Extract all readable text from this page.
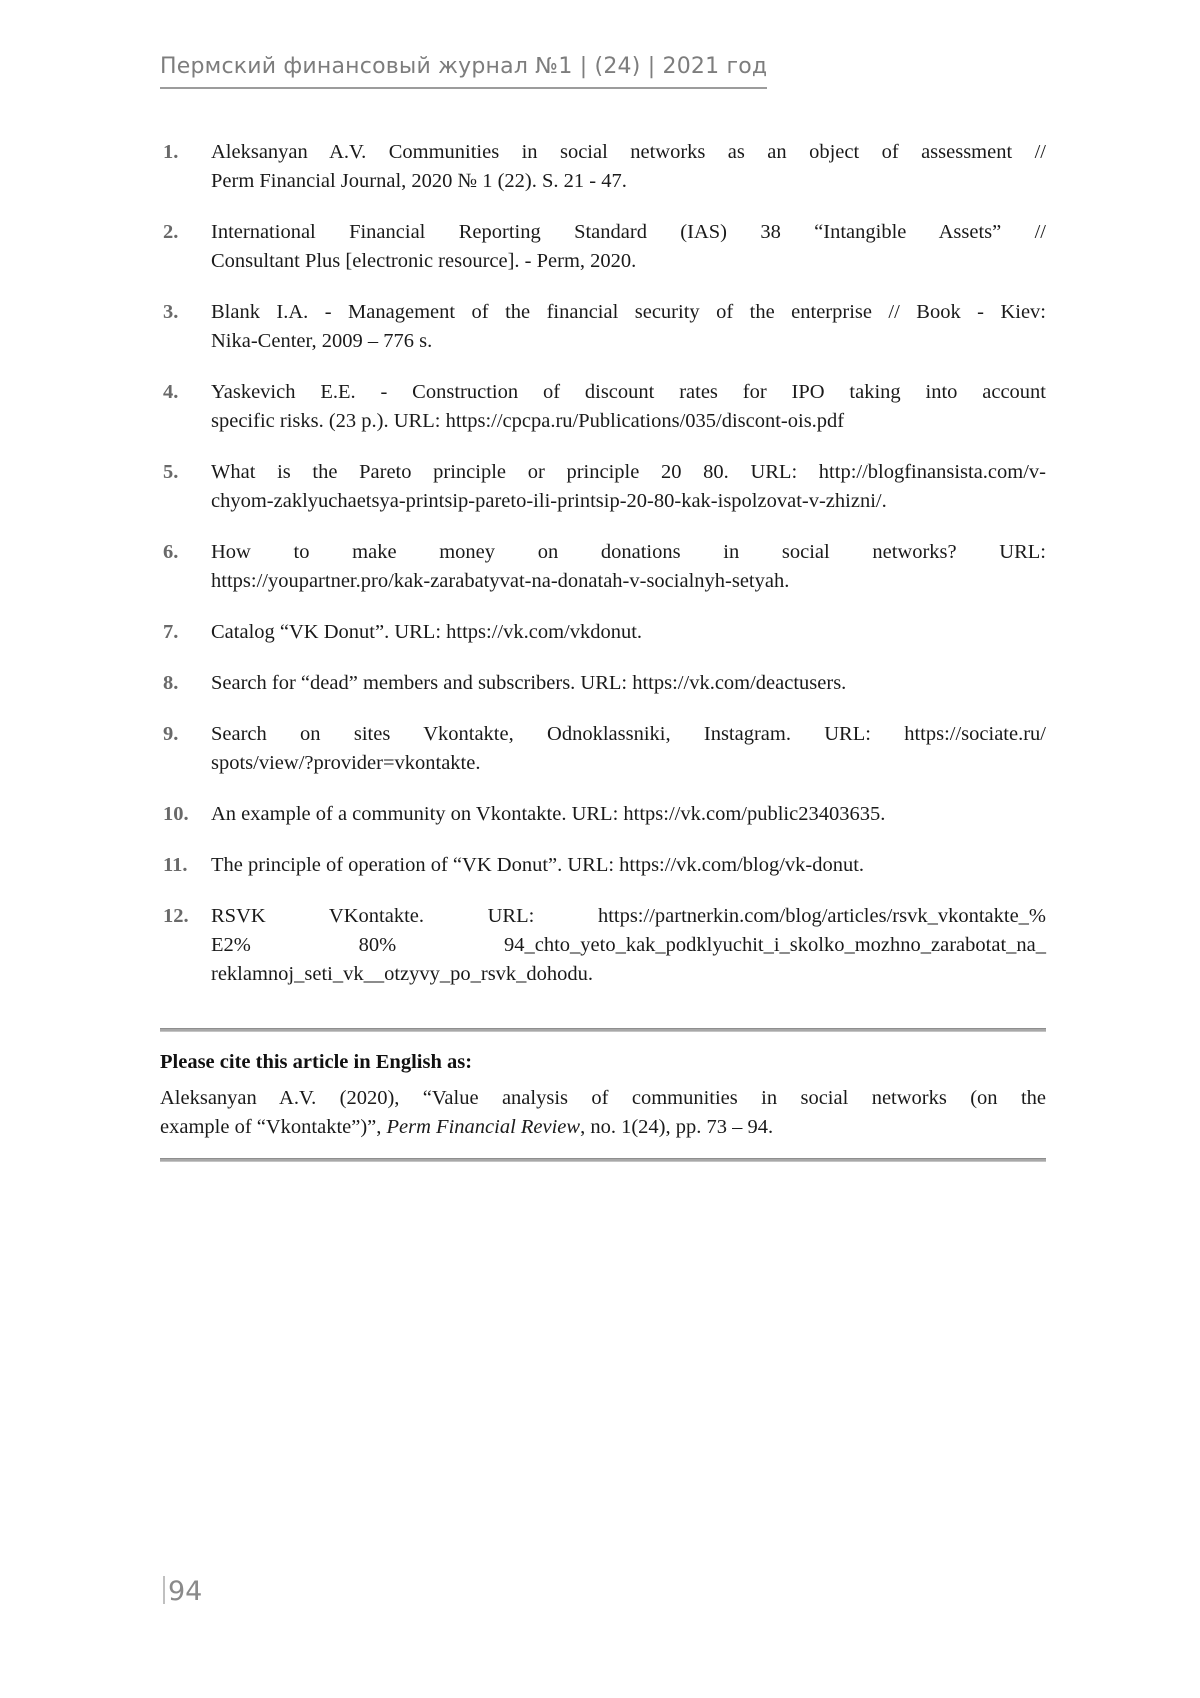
Пермский финансовый журнал №1 | (24) | 2021 год
1.	Aleksanyan A.V. Communities in social networks as an object of assessment //
Perm Financial Journal, 2020 № 1 (22). S. 21 - 47.
2.	International Financial Reporting Standard (IAS) 38 “Intangible Assets” //
Consultant Plus [electronic resource]. - Perm, 2020.
3.	Blank I.A. - Management of the financial security of the enterprise // Book - Kiev:
Nika-Center, 2009 – 776 s.
4.	Yaskevich E.E. - Construction of discount rates for IPO taking into account
specific risks. (23 p.). URL: https://cpcpa.ru/Publications/035/discont-ois.pdf
5.	What is the Pareto principle or principle 20 80. URL: http://blogfinansista.com/v-
chyom-zaklyuchaetsya-printsip-pareto-ili-printsip-20-80-kak-ispolzovat-v-zhizni/.
6.	How to make money on donations in social networks? URL:
https://youpartner.pro/kak-zarabatyvat-na-donatah-v-socialnyh-setyah.
7.	Catalog “VK Donut”. URL: https://vk.com/vkdonut.
8.	Search for “dead” members and subscribers. URL: https://vk.com/deactusers.
9.	Search on sites Vkontakte, Odnoklassniki, Instagram. URL: https://sociate.ru/
spots/view/?provider=vkontakte.
10.	An example of a community on Vkontakte. URL: https://vk.com/public23403635.
11.	The principle of operation of “VK Donut”. URL: https://vk.com/blog/vk-donut.
12.	RSVK VKontakte. URL: https://partnerkin.com/blog/articles/rsvk_vkontakte_%
E2% 80% 94_chto_yeto_kak_podklyuchit_i_skolko_mozhno_zarabotat_na_
reklamnoj_seti_vk__otzyvy_po_rsvk_dohodu.
Please cite this article in English as:
Aleksanyan A.V. (2020), “Value analysis of communities in social networks (on the
example of “Vkontakte”)”, Perm Financial Review, no. 1(24), pp. 73 – 94.
94
